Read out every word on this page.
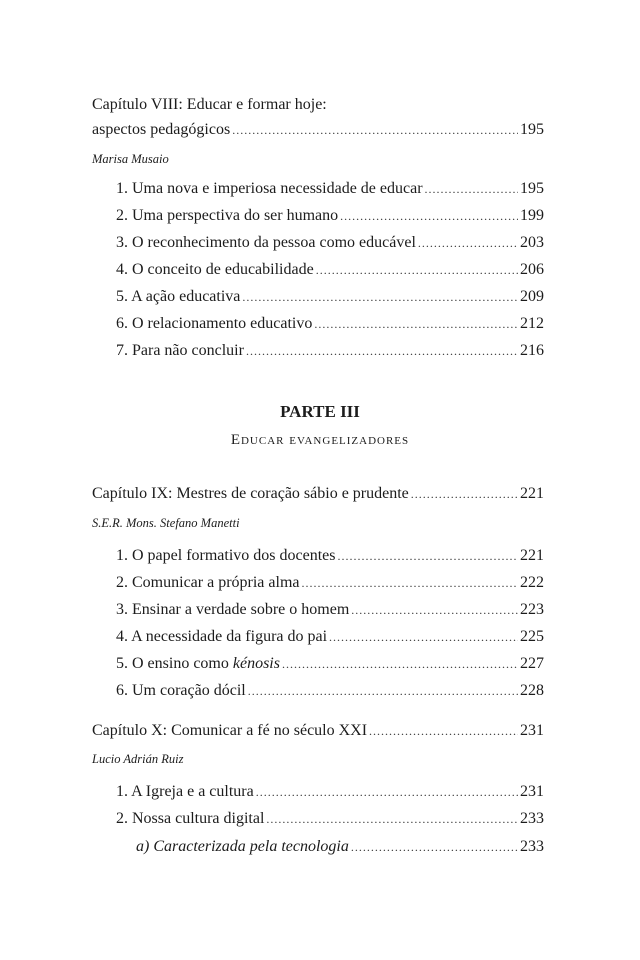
Capítulo VIII: Educar e formar hoje:
aspectos pedagógicos .....	195
Marisa Musaio
1. Uma nova e imperiosa necessidade de educar .....	195
2. Uma perspectiva do ser humano .....	199
3. O reconhecimento da pessoa como educável .....	203
4. O conceito de educabilidade .....	206
5. A ação educativa .....	209
6. O relacionamento educativo .....	212
7. Para não concluir .....	216
PARTE III
Educar evangelizadores
Capítulo IX: Mestres de coração sábio e prudente .....	221
S.E.R. Mons. Stefano Manetti
1. O papel formativo dos docentes .....	221
2. Comunicar a própria alma .....	222
3. Ensinar a verdade sobre o homem .....	223
4. A necessidade da figura do pai .....	225
5. O ensino como kénosis .....	227
6. Um coração dócil .....	228
Capítulo X: Comunicar a fé no século XXI .....	231
Lucio Adrián Ruiz
1. A Igreja e a cultura .....	231
2. Nossa cultura digital .....	233
a) Caracterizada pela tecnologia .....	233
